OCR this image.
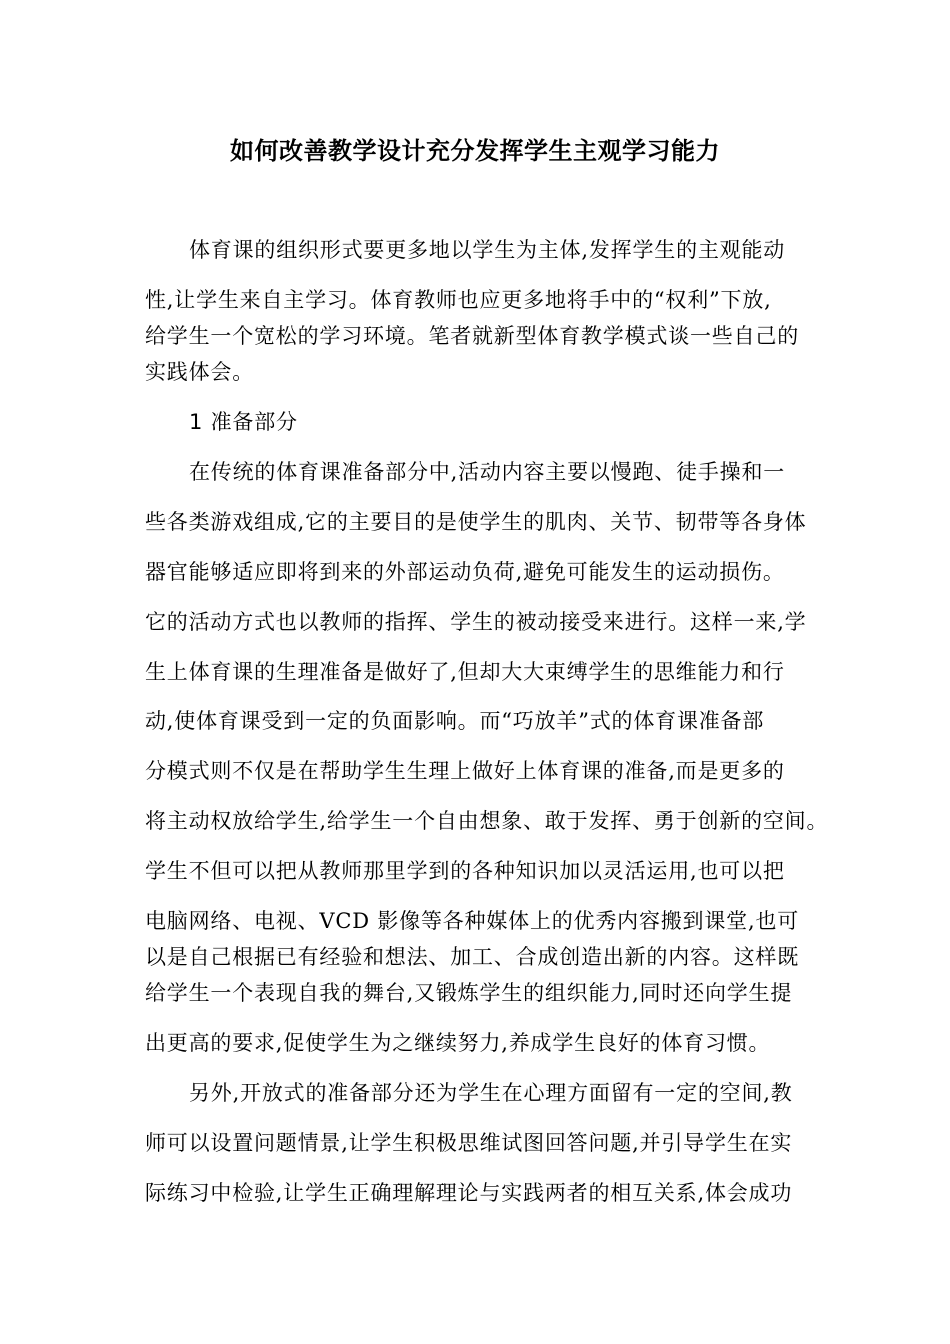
如何改善教学设计充分发挥学生主观学习能力
体育课的组织形式要更多地以学生为主体,发挥学生的主观能动
性,让学生来自主学习。体育教师也应更多地将手中的“权利”下放,
给学生一个宽松的学习环境。笔者就新型体育教学模式谈一些自己的
实践体会。
1 准备部分
在传统的体育课准备部分中,活动内容主要以慢跑、徒手操和一
些各类游戏组成,它的主要目的是使学生的肌肉、关节、韧带等各身体
器官能够适应即将到来的外部运动负荷,避免可能发生的运动损伤。
它的活动方式也以教师的指挥、学生的被动接受来进行。这样一来,学
生上体育课的生理准备是做好了,但却大大束缚学生的思维能力和行
动,使体育课受到一定的负面影响。而“巧放羊”式的体育课准备部
分模式则不仅是在帮助学生生理上做好上体育课的准备,而是更多的
将主动权放给学生,给学生一个自由想象、敢于发挥、勇于创新的空间。
学生不但可以把从教师那里学到的各种知识加以灵活运用,也可以把
电脑网络、电视、VCD 影像等各种媒体上的优秀内容搬到课堂,也可
以是自己根据已有经验和想法、加工、合成创造出新的内容。这样既
给学生一个表现自我的舞台,又锻炼学生的组织能力,同时还向学生提
出更高的要求,促使学生为之继续努力,养成学生良好的体育习惯。
另外,开放式的准备部分还为学生在心理方面留有一定的空间,教
师可以设置问题情景,让学生积极思维试图回答问题,并引导学生在实
际练习中检验,让学生正确理解理论与实践两者的相互关系,体会成功
